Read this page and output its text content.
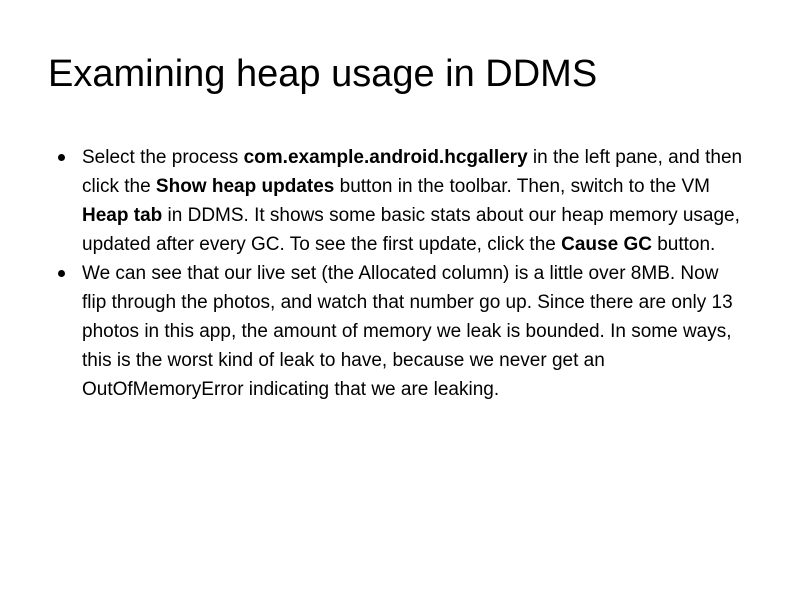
Examining heap usage in DDMS
Select the process com.example.android.hcgallery in the left pane, and then click the Show heap updates button in the toolbar. Then, switch to the VM Heap tab in DDMS. It shows some basic stats about our heap memory usage, updated after every GC. To see the first update, click the Cause GC button.
We can see that our live set (the Allocated column) is a little over 8MB. Now flip through the photos, and watch that number go up. Since there are only 13 photos in this app, the amount of memory we leak is bounded. In some ways, this is the worst kind of leak to have, because we never get an OutOfMemoryError indicating that we are leaking.
